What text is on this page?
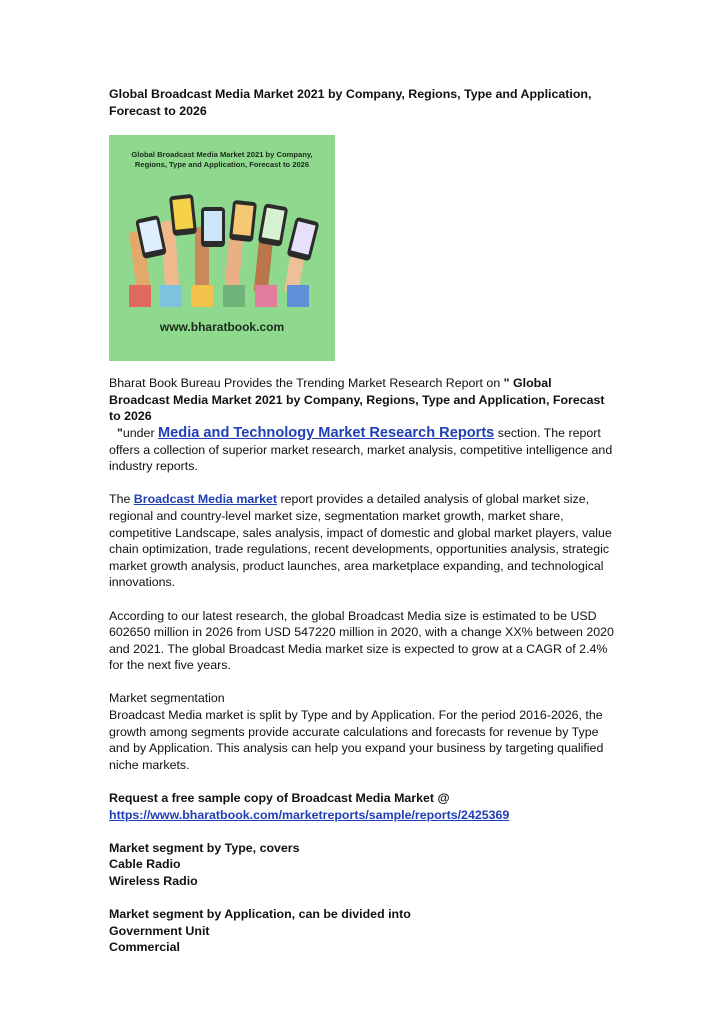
Global Broadcast Media Market 2021 by Company, Regions, Type and Application, Forecast to 2026

Global Broadcast Media Market 2021 by Company,
Regions, Type and Application, Forecast to 2026
www.bharatbook.com

Bharat Book Bureau Provides the Trending Market Research Report on " Global Broadcast Media Market 2021 by Company, Regions, Type and Application, Forecast to 2026
"under Media and Technology Market Research Reports section. The report offers a collection of superior market research, market analysis, competitive intelligence and industry reports.

The Broadcast Media market report provides a detailed analysis of global market size, regional and country-level market size, segmentation market growth, market share, competitive Landscape, sales analysis, impact of domestic and global market players, value chain optimization, trade regulations, recent developments, opportunities analysis, strategic market growth analysis, product launches, area marketplace expanding, and technological innovations.

According to our latest research, the global Broadcast Media size is estimated to be USD 602650 million in 2026 from USD 547220 million in 2020, with a change XX% between 2020 and 2021. The global Broadcast Media market size is expected to grow at a CAGR of 2.4% for the next five years.

Market segmentation

Broadcast Media market is split by Type and by Application. For the period 2016-2026, the growth among segments provide accurate calculations and forecasts for revenue by Type and by Application. This analysis can help you expand your business by targeting qualified niche markets.

Request a free sample copy of Broadcast Media Market @

https://www.bharatbook.com/marketreports/sample/reports/2425369

Market segment by Type, covers

Cable Radio

Wireless Radio

Market segment by Application, can be divided into

Government Unit

Commercial
